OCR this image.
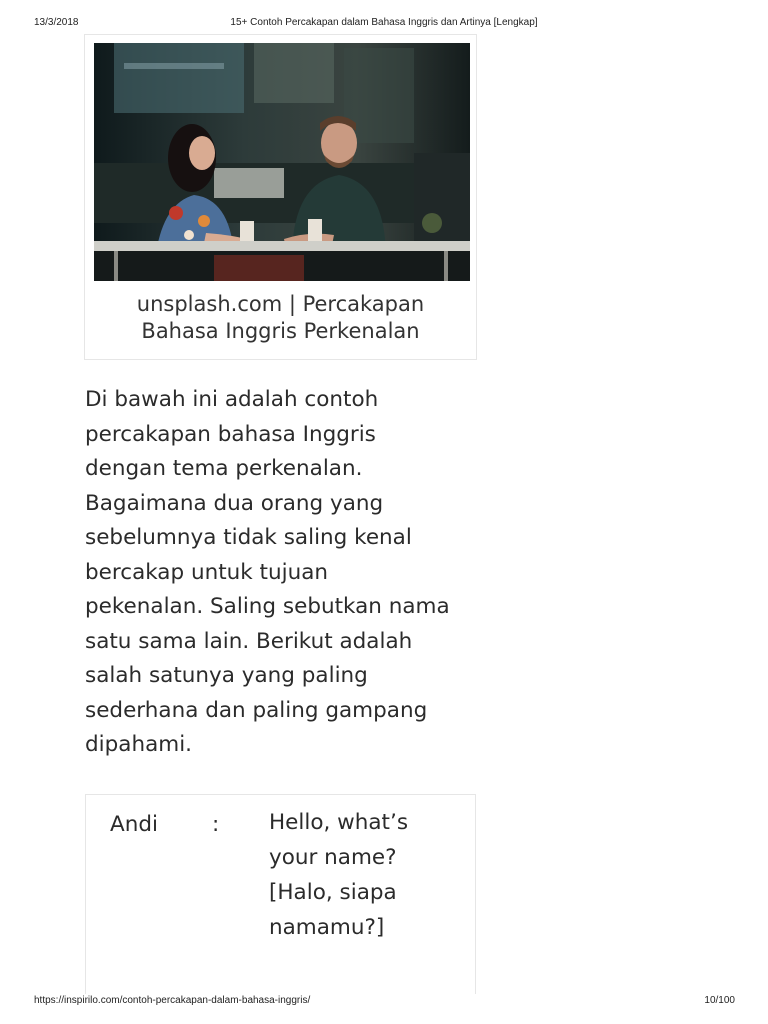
13/3/2018	15+ Contoh Percakapan dalam Bahasa Inggris dan Artinya [Lengkap]
unsplash.com | Percakapan
Bahasa Inggris Perkenalan
Di bawah ini adalah contoh
percakapan bahasa Inggris
dengan tema perkenalan.
Bagaimana dua orang yang
sebelumnya tidak saling kenal
bercakap untuk tujuan
pekenalan. Saling sebutkan nama
satu sama lain. Berikut adalah
salah satunya yang paling
sederhana dan paling gampang
dipahami.
Andi	: Hello, what’s
your name?
[Halo, siapa
namamu?]
https://inspirilo.com/contoh-percakapan-dalam-bahasa-inggris/	10/100
